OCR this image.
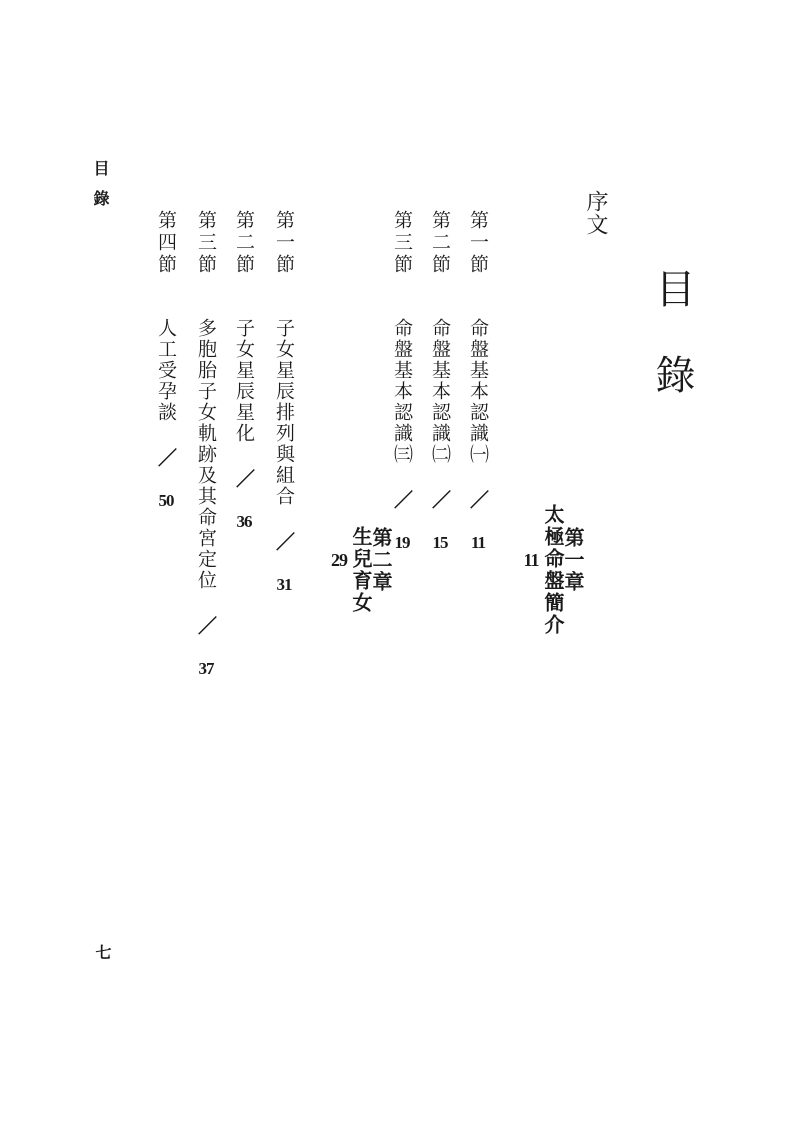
目錄
序文
第一章
太極命盤簡介
11
第一節 命盤基本認識㈠ ／ 11
第二節 命盤基本認識㈡ ／ 15
第三節 命盤基本認識㈢ ／ 19
第二章
生兒育女
29
第一節 子女星辰排列與組合 ／ 31
第二節 子女星辰星化 ／ 36
第三節 多胞胎子女軌跡及其命宮定位 ／ 37
第四節 人工受孕談 ／ 50
目錄
七
